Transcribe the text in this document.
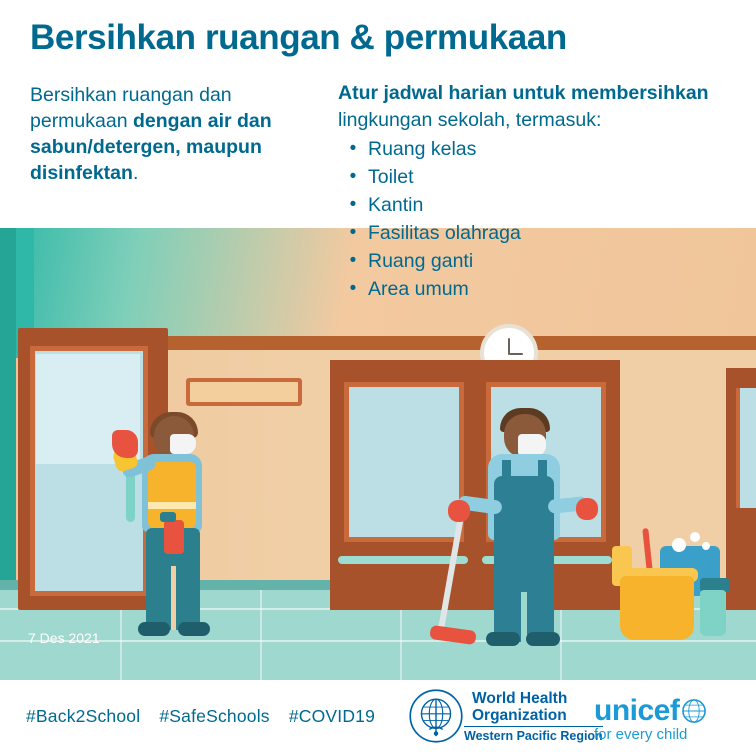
Bersihkan ruangan & permukaan
Bersihkan ruangan dan permukaan dengan air dan sabun/detergen, maupun disinfektan.
Atur jadwal harian untuk membersihkan lingkungan sekolah, termasuk:
• Ruang kelas
• Toilet
• Kantin
• Fasilitas olahraga
• Ruang ganti
• Area umum
7 Des 2021
#Back2School #SafeSchools #COVID19
World Health
Organization
Western Pacific Region
unicef
for every child
